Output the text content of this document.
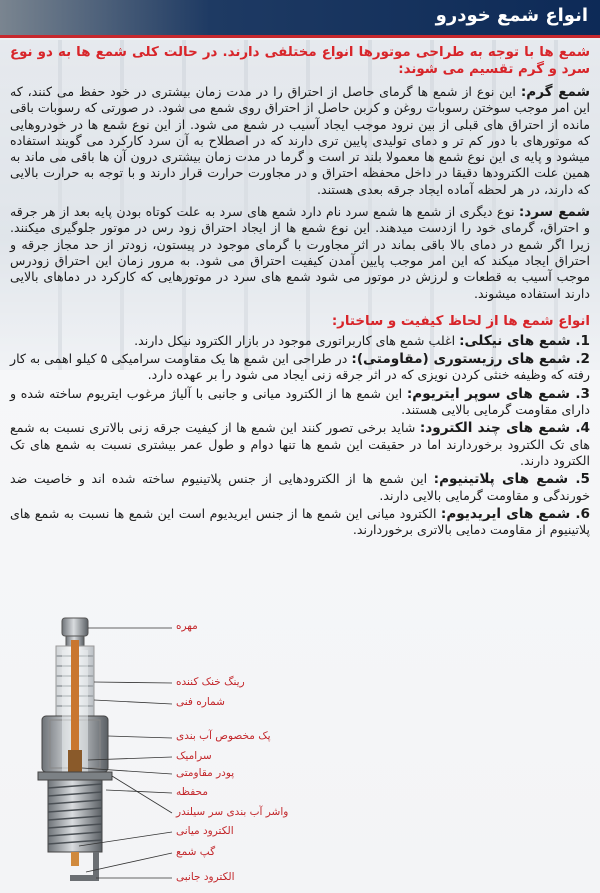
انواع شمع خودرو

شمع ها با توجه به طراحی موتورها انواع مختلفی دارند. در حالت کلی شمع ها به دو نوع سرد و گرم تقسیم می شوند:

شمع گرم: این نوع از شمع ها گرمای حاصل از احتراق را در مدت زمان بیشتری در خود حفظ می کنند، که این امر موجب سوختن رسوبات روغن و کربن حاصل از احتراق روی شمع می شود. در صورتی که رسوبات باقی مانده از احتراق های قبلی از بین نرود موجب ایجاد آسیب در شمع می شود. از این نوع شمع ها در خودروهایی که موتورهای با دور کم تر و دمای تولیدی پایین تری دارند که در اصطلاح به آن سرد کارکرد می گویند استفاده میشود و پایه ی این نوع شمع ها معمولا بلند تر است و گرما در مدت زمان بیشتری درون آن ها باقی می ماند به همین علت الکترودها دقیقا در داخل محفظه احتراق و در مجاورت حرارت قرار دارند و با توجه به حرارت بالایی که دارند، در هر لحظه آماده ایجاد جرقه بعدی هستند.

شمع سرد: نوع دیگری از شمع ها شمع سرد نام دارد شمع های سرد به علت کوتاه بودن پایه بعد از هر جرقه و احتراق، گرمای خود را ازدست میدهند. این نوع شمع ها از ایجاد احتراق زود رس در موتور جلوگیری میکنند. زیرا اگر شمع در دمای بالا باقی بماند در اثر مجاورت با گرمای موجود در پیستون، زودتر از حد مجاز جرقه و احتراق ایجاد میکند که این امر موجب پایین آمدن کیفیت احتراق می شود. به مرور زمان این احتراق زودرس موجب آسیب به قطعات و لرزش در موتور می شود شمع های سرد در موتورهایی که کارکرد در دماهای بالایی دارند استفاده میشوند.

انواع شمع ها از لحاظ کیفیت و ساختار:
1. شمع های نیکلی: اغلب شمع های کاربراتوری موجود در بازار الکترود نیکل دارند.
2. شمع های رزیستوری (مقاومتی): در طراحی این شمع ها یک مقاومت سرامیکی ۵ کیلو اهمی به کار رفته که وظیفه خنثی کردن نویزی که در اثر جرقه زنی ایجاد می شود را بر عهده دارد.
3. شمع های سوپر ایتریوم: این شمع ها از الکترود میانی و جانبی با آلیاژ مرغوب ایتریوم ساخته شده و دارای مقاومت گرمایی بالایی هستند.
4. شمع های چند الکترود: شاید برخی تصور کنند این شمع ها از کیفیت جرقه زنی بالاتری نسبت به شمع های تک الکترود برخوردارند اما در حقیقت این شمع ها تنها دوام و طول عمر بیشتری نسبت به شمع های تک الکترود دارند.
5. شمع های پلاتینیوم: این شمع ها از الکترودهایی از جنس پلاتینیوم ساخته شده اند و خاصیت ضد خورندگی و مقاومت گرمایی بالایی دارند.
6. شمع های ایریدیوم: الکترود میانی این شمع ها از جنس ایریدیوم است این شمع ها نسبت به شمع های پلاتینیوم از مقاومت دمایی بالاتری برخوردارند.
مهره
رینگ خنک کننده
شماره فنی
پک مخصوص آب بندی
سرامیک
پودر مقاومتی
محفظه
واشر آب بندی سر سیلندر
الکترود میانی
گپ شمع
الکترود جانبی
